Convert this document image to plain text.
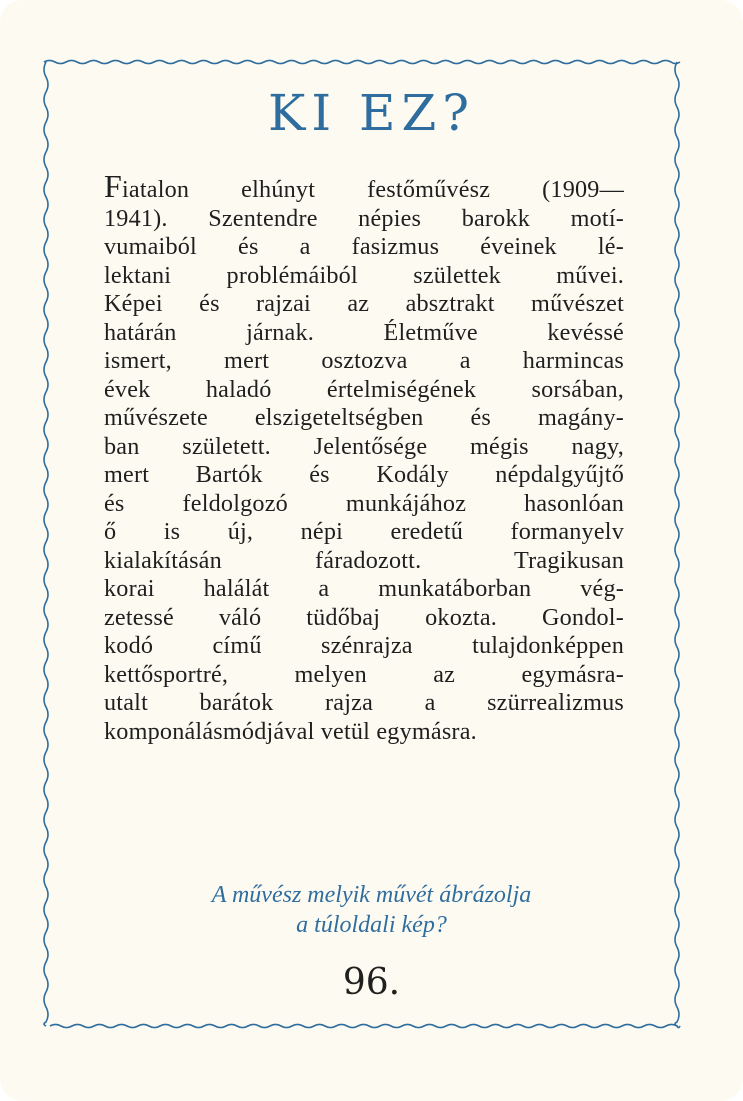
KI EZ?
Fiatalon elhúnyt festőművész (1909—
1941). Szentendre népies barokk motí-
vumaiból és a fasizmus éveinek lé-
lektani problémáiból születtek művei.
Képei és rajzai az absztrakt művészet
határán járnak. Életműve kevéssé
ismert, mert osztozva a harmincas
évek haladó értelmiségének sorsában,
művészete elszigeteltségben és magány-
ban született. Jelentősége mégis nagy,
mert Bartók és Kodály népdalgyűjtő
és feldolgozó munkájához hasonlóan
ő is új, népi eredetű formanyelv
kialakításán fáradozott. Tragikusan
korai halálát a munkatáborban vég-
zetessé váló tüdőbaj okozta. Gondol-
kodó című szénrajza tulajdonképpen
kettősportré, melyen az egymásra-
utalt barátok rajza a szürrealizmus
komponálásmódjával vetül egymásra.
A művész melyik művét ábrázolja
a túloldali kép?
96.
